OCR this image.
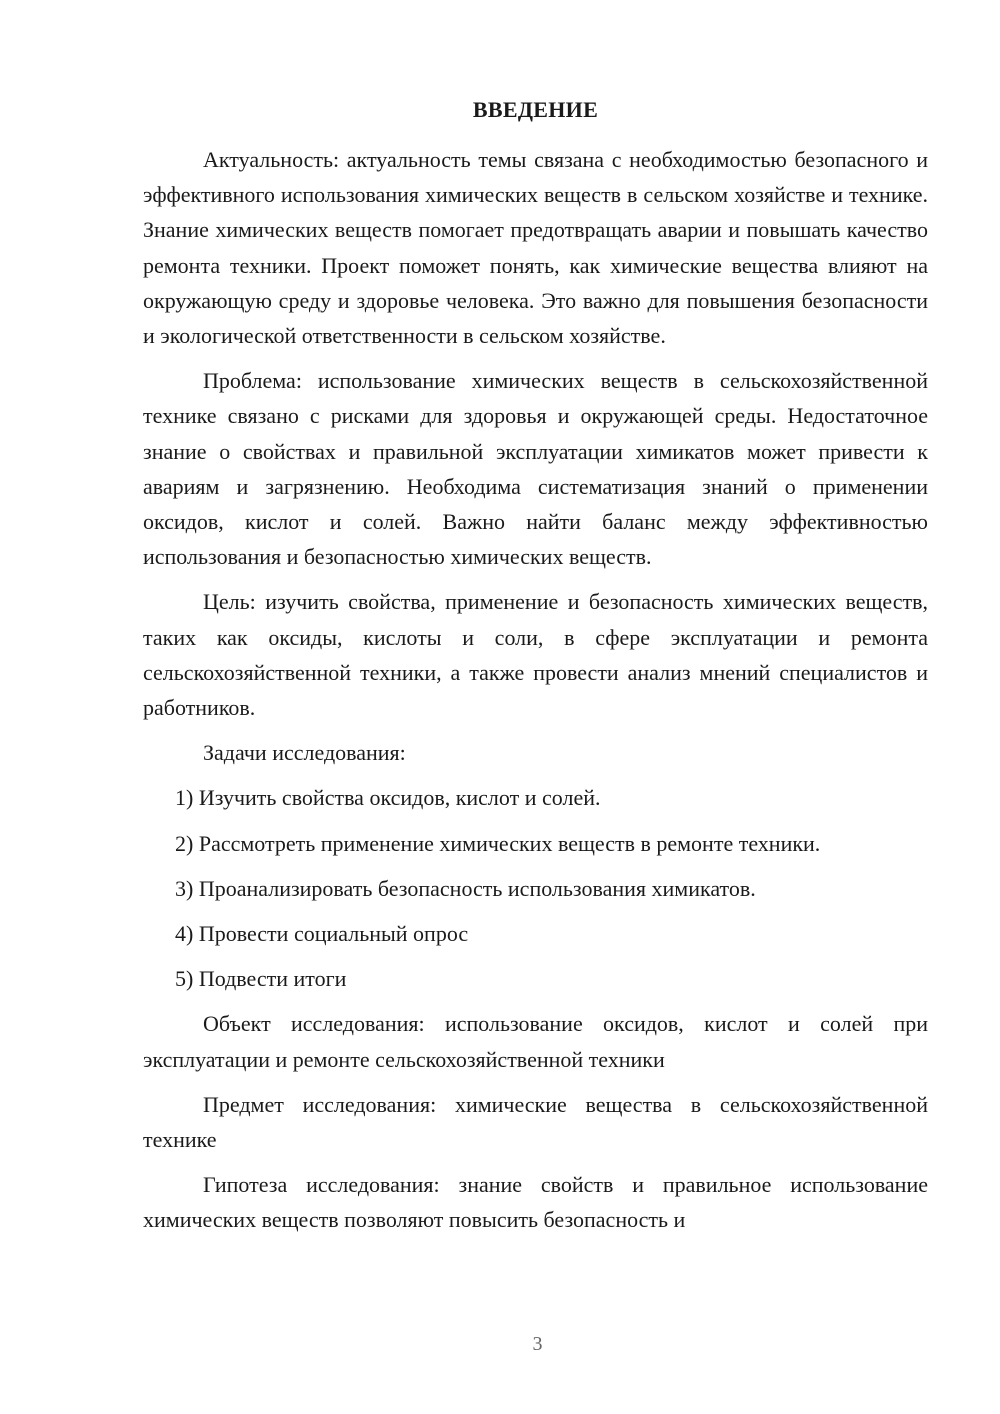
ВВЕДЕНИЕ

Актуальность: актуальность темы связана с необходимостью безопасного и эффективного использования химических веществ в сельском хозяйстве и технике. Знание химических веществ помогает предотвращать аварии и повышать качество ремонта техники. Проект поможет понять, как химические вещества влияют на окружающую среду и здоровье человека. Это важно для повышения безопасности и экологической ответственности в сельском хозяйстве.

Проблема: использование химических веществ в сельскохозяйственной технике связано с рисками для здоровья и окружающей среды. Недостаточное знание о свойствах и правильной эксплуатации химикатов может привести к авариям и загрязнению. Необходима систематизация знаний о применении оксидов, кислот и солей. Важно найти баланс между эффективностью использования и безопасностью химических веществ.

Цель: изучить свойства, применение и безопасность химических веществ, таких как оксиды, кислоты и соли, в сфере эксплуатации и ремонта сельскохозяйственной техники, а также провести анализ мнений специалистов и работников.

Задачи исследования:

1) Изучить свойства оксидов, кислот и солей.
2) Рассмотреть применение химических веществ в ремонте техники.
3) Проанализировать безопасность использования химикатов.
4) Провести социальный опрос
5) Подвести итоги

Объект исследования: использование оксидов, кислот и солей при эксплуатации и ремонте сельскохозяйственной техники

Предмет исследования: химические вещества в сельскохозяйственной технике

Гипотеза исследования: знание свойств и правильное использование химических веществ позволяют повысить безопасность и

3
